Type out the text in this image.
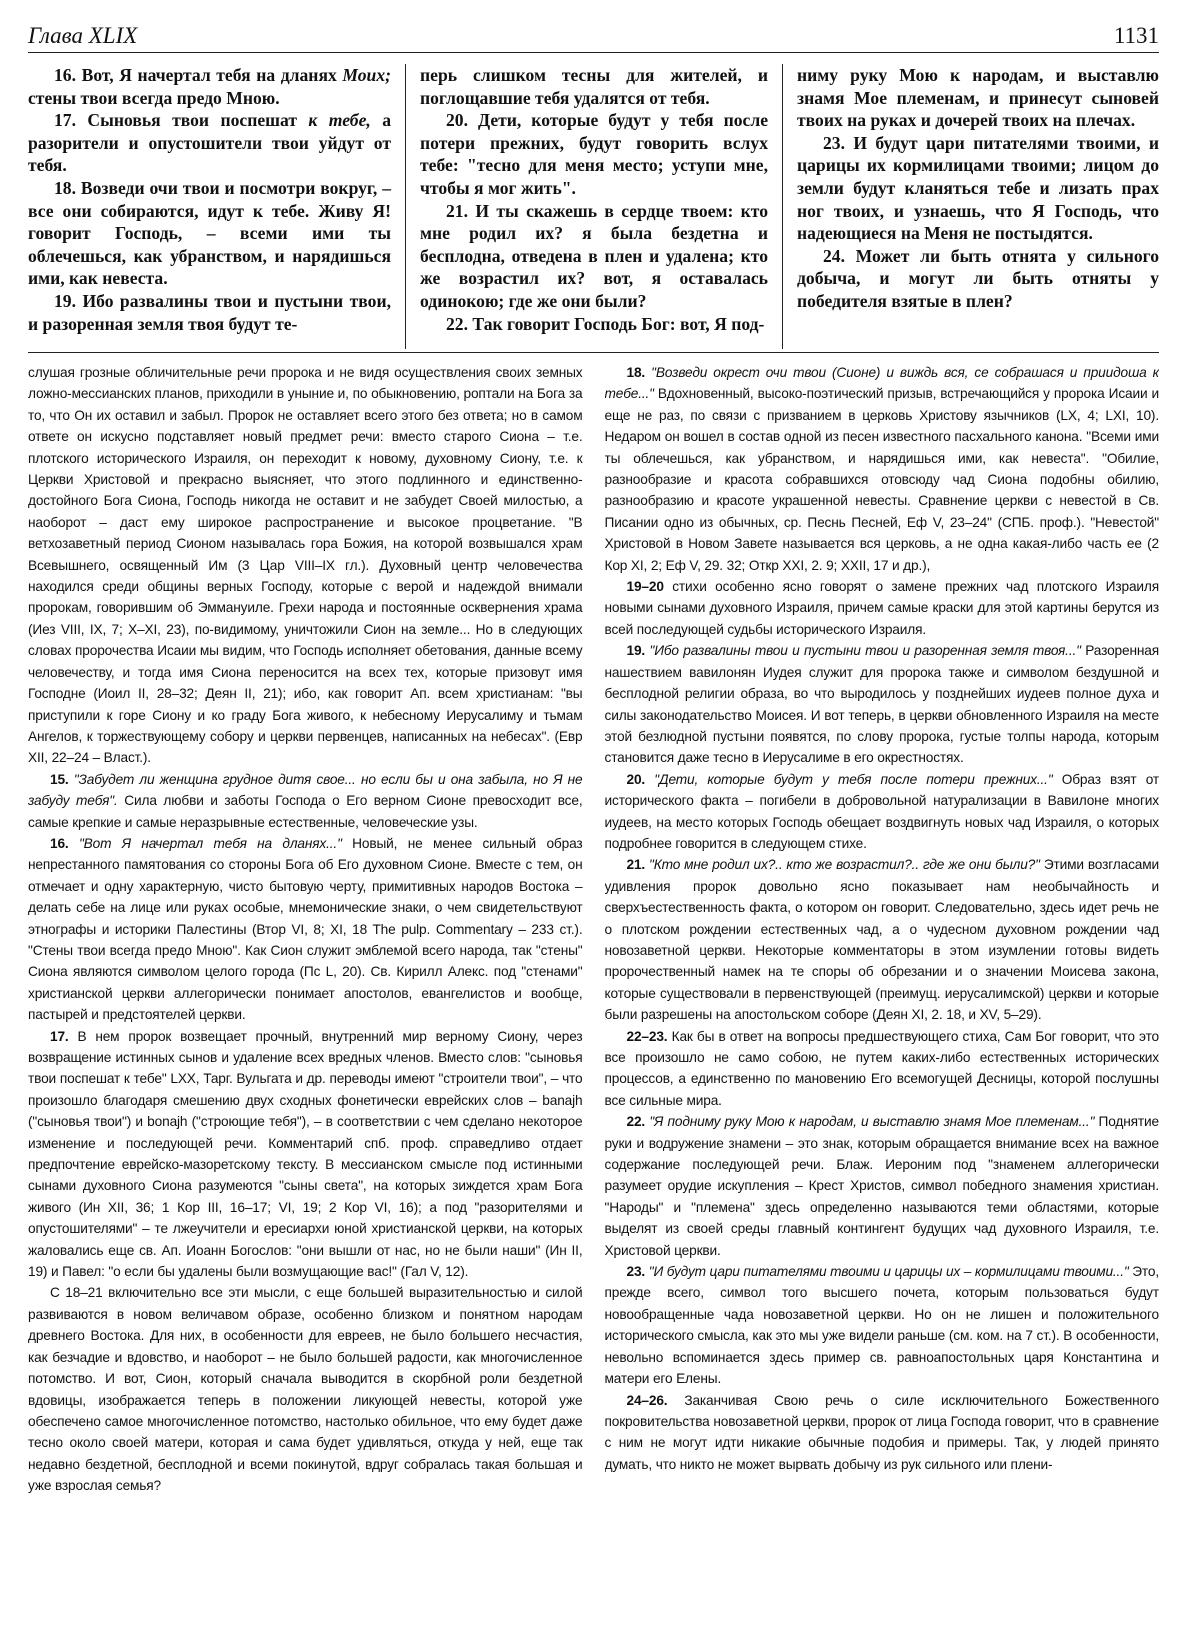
Глава XLIX	1131

16. Вот, Я начертал тебя на дланях Моих; стены твои всегда предо Мною.

17. Сыновья твои поспешат к тебе, а разорители и опустошители твои уйдут от тебя.

18. Возведи очи твои и посмотри вокруг, – все они собираются, идут к тебе. Живу Я! говорит Господь, – всеми ими ты облечешься, как убранством, и нарядишься ими, как невеста.

19. Ибо развалины твои и пустыни твои, и разоренная земля твоя будут те-

перь слишком тесны для жителей, и поглощавшие тебя удалятся от тебя.

20. Дети, которые будут у тебя после потери прежних, будут говорить вслух тебе: "тесно для меня место; уступи мне, чтобы я мог жить".

21. И ты скажешь в сердце твоем: кто мне родил их? я была бездетна и бесплодна, отведена в плен и удалена; кто же возрастил их? вот, я оставалась одинокою; где же они были?

22. Так говорит Господь Бог: вот, Я под-

ниму руку Мою к народам, и выставлю знамя Мое племенам, и принесут сыновей твоих на руках и дочерей твоих на плечах.

23. И будут цари питателями твоими, и царицы их кормилицами твоими; лицом до земли будут кланяться тебе и лизать прах ног твоих, и узнаешь, что Я Господь, что надеющиеся на Меня не постыдятся.

24. Может ли быть отнята у сильного добыча, и могут ли быть отняты у победителя взятые в плен?

слушая грозные обличительные речи пророка и не видя осуществления своих земных ложно-мессианских планов, приходили в уныние и, по обыкновению, роптали на Бога за то, что Он их оставил и забыл. Пророк не оставляет всего этого без ответа; но в самом ответе он искусно подставляет новый предмет речи: вместо старого Сиона – т.е. плотского исторического Израиля, он переходит к новому, духовному Сиону, т.е. к Церкви Христовой и прекрасно выясняет, что этого подлинного и единственно-достойного Бога Сиона, Господь никогда не оставит и не забудет Своей милостью, а наоборот – даст ему широкое распространение и высокое процветание. "В ветхозаветный период Сионом называлась гора Божия, на которой возвышался храм Всевышнего, освященный Им (3 Цар VIII–IX гл.). Духовный центр человечества находился среди общины верных Господу, которые с верой и надеждой внимали пророкам, говорившим об Эммануиле. Грехи народа и постоянные осквернения храма (Иез VIII, IX, 7; X–XI, 23), по-видимому, уничтожили Сион на земле... Но в следующих словах пророчества Исаии мы видим, что Господь исполняет обетования, данные всему человечеству, и тогда имя Сиона переносится на всех тех, которые призовут имя Господне (Иоил II, 28–32; Деян II, 21); ибо, как говорит Ап. всем христианам: "вы приступили к горе Сиону и ко граду Бога живого, к небесному Иерусалиму и тьмам Ангелов, к торжествующему собору и церкви первенцев, написанных на небесах". (Евр XII, 22–24 – Власт.).

15. "Забудет ли женщина грудное дитя свое... но если бы и она забыла, но Я не забуду тебя". Сила любви и заботы Господа о Его верном Сионе превосходит все, самые крепкие и самые неразрывные естественные, человеческие узы.

16. "Вот Я начертал тебя на дланях..." Новый, не менее сильный образ непрестанного памятования со стороны Бога об Его духовном Сионе. Вместе с тем, он отмечает и одну характерную, чисто бытовую черту, примитивных народов Востока – делать себе на лице или руках особые, мнемонические знаки, о чем свидетельствуют этнографы и историки Палестины (Втор VI, 8; XI, 18 The pulp. Commentary – 233 ст.). "Стены твои всегда предо Мною". Как Сион служит эмблемой всего народа, так "стены" Сиона являются символом целого города (Пс L, 20). Св. Кирилл Алекс. под "стенами" христианской церкви аллегорически понимает апостолов, евангелистов и вообще, пастырей и предстоятелей церкви.

17. В нем пророк возвещает прочный, внутренний мир верному Сиону, через возвращение истинных сынов и удаление всех вредных членов. Вместо слов: "сыновья твои поспешат к тебе" LXX, Тарг. Вульгата и др. переводы имеют "строители твои", – что произошло благодаря смешению двух сходных фонетически еврейских слов – banajh ("сыновья твои") и bonajh ("строющие тебя"), – в соответствии с чем сделано некоторое изменение и последующей речи. Комментарий спб. проф. справедливо отдает предпочтение еврейско-мазоретскому тексту. В мессианском смысле под истинными сынами духовного Сиона разумеются "сыны света", на которых зиждется храм Бога живого (Ин XII, 36; 1 Кор III, 16–17; VI, 19; 2 Кор VI, 16); а под "разорителями и опустошителями" – те лжеучители и ересиархи юной христианской церкви, на которых жаловались еще св. Ап. Иоанн Богослов: "они вышли от нас, но не были наши" (Ин II, 19) и Павел: "о если бы удалены были возмущающие вас!" (Гал V, 12).

С 18–21 включительно все эти мысли, с еще большей выразительностью и силой развиваются в новом величавом образе, особенно близком и понятном народам древнего Востока. Для них, в особенности для евреев, не было большего несчастия, как безчадие и вдовство, и наоборот – не было большей радости, как многочисленное потомство. И вот, Сион, который сначала выводится в скорбной роли бездетной вдовицы, изображается теперь в положении ликующей невесты, которой уже обеспечено самое многочисленное потомство, настолько обильное, что ему будет даже тесно около своей матери, которая и сама будет удивляться, откуда у ней, еще так недавно бездетной, бесплодной и всеми покинутой, вдруг собралась такая большая и уже взрослая семья?

18. "Возведи окрест очи твои (Сионе) и виждь вся, се собрашася и приидоша к тебе..." Вдохновенный, высоко-поэтический призыв, встречающийся у пророка Исаии и еще не раз, по связи с призванием в церковь Христову язычников (LX, 4; LXI, 10). Недаром он вошел в состав одной из песен известного пасхального канона. "Всеми ими ты облечешься, как убранством, и нарядишься ими, как невеста". "Обилие, разнообразие и красота собравшихся отовсюду чад Сиона подобны обилию, разнообразию и красоте украшенной невесты. Сравнение церкви с невестой в Св. Писании одно из обычных, ср. Песнь Песней, Еф V, 23–24" (СПБ. проф.). "Невестой" Христовой в Новом Завете называется вся церковь, а не одна какая-либо часть ее (2 Кор XI, 2; Еф V, 29. 32; Откр XXI, 2. 9; XXII, 17 и др.),

19–20 стихи особенно ясно говорят о замене прежних чад плотского Израиля новыми сынами духовного Израиля, причем самые краски для этой картины берутся из всей последующей судьбы исторического Израиля.

19. "Ибо развалины твои и пустыни твои и разоренная земля твоя..." Разоренная нашествием вавилонян Иудея служит для пророка также и символом бездушной и бесплодной религии образа, во что выродилось у позднейших иудеев полное духа и силы законодательство Моисея. И вот теперь, в церкви обновленного Израиля на месте этой безлюдной пустыни появятся, по слову пророка, густые толпы народа, которым становится даже тесно в Иерусалиме в его окрестностях.

20. "Дети, которые будут у тебя после потери прежних..." Образ взят от исторического факта – погибели в добровольной натурализации в Вавилоне многих иудеев, на место которых Господь обещает воздвигнуть новых чад Израиля, о которых подробнее говорится в следующем стихе.

21. "Кто мне родил их?.. кто же возрастил?.. где же они были?" Этими возгласами удивления пророк довольно ясно показывает нам необычайность и сверхъестественность факта, о котором он говорит. Следовательно, здесь идет речь не о плотском рождении естественных чад, а о чудесном духовном рождении чад новозаветной церкви. Некоторые комментаторы в этом изумлении готовы видеть пророчественный намек на те споры об обрезании и о значении Моисева закона, которые существовали в первенствующей (преимущ. иерусалимской) церкви и которые были разрешены на апостольском соборе (Деян XI, 2. 18, и XV, 5–29).

22–23. Как бы в ответ на вопросы предшествующего стиха, Сам Бог говорит, что это все произошло не само собою, не путем каких-либо естественных исторических процессов, а единственно по мановению Его всемогущей Десницы, которой послушны все сильные мира.

22. "Я подниму руку Мою к народам, и выставлю знамя Мое племенам..." Поднятие руки и водружение знамени – это знак, которым обращается внимание всех на важное содержание последующей речи. Блаж. Иероним под "знаменем аллегорически разумеет орудие искупления – Крест Христов, символ победного знамения христиан. "Народы" и "племена" здесь определенно называются теми областями, которые выделят из своей среды главный контингент будущих чад духовного Израиля, т.е. Христовой церкви.

23. "И будут цари питателями твоими и царицы их – кормилицами твоими..." Это, прежде всего, символ того высшего почета, которым пользоваться будут новообращенные чада новозаветной церкви. Но он не лишен и положительного исторического смысла, как это мы уже видели раньше (см. ком. на 7 ст.). В особенности, невольно вспоминается здесь пример св. равноапостольных царя Константина и матери его Елены.

24–26. Заканчивая Свою речь о силе исключительного Божественного покровительства новозаветной церкви, пророк от лица Господа говорит, что в сравнение с ним не могут идти никакие обычные подобия и примеры. Так, у людей принято думать, что никто не может вырвать добычу из рук сильного или плени-
